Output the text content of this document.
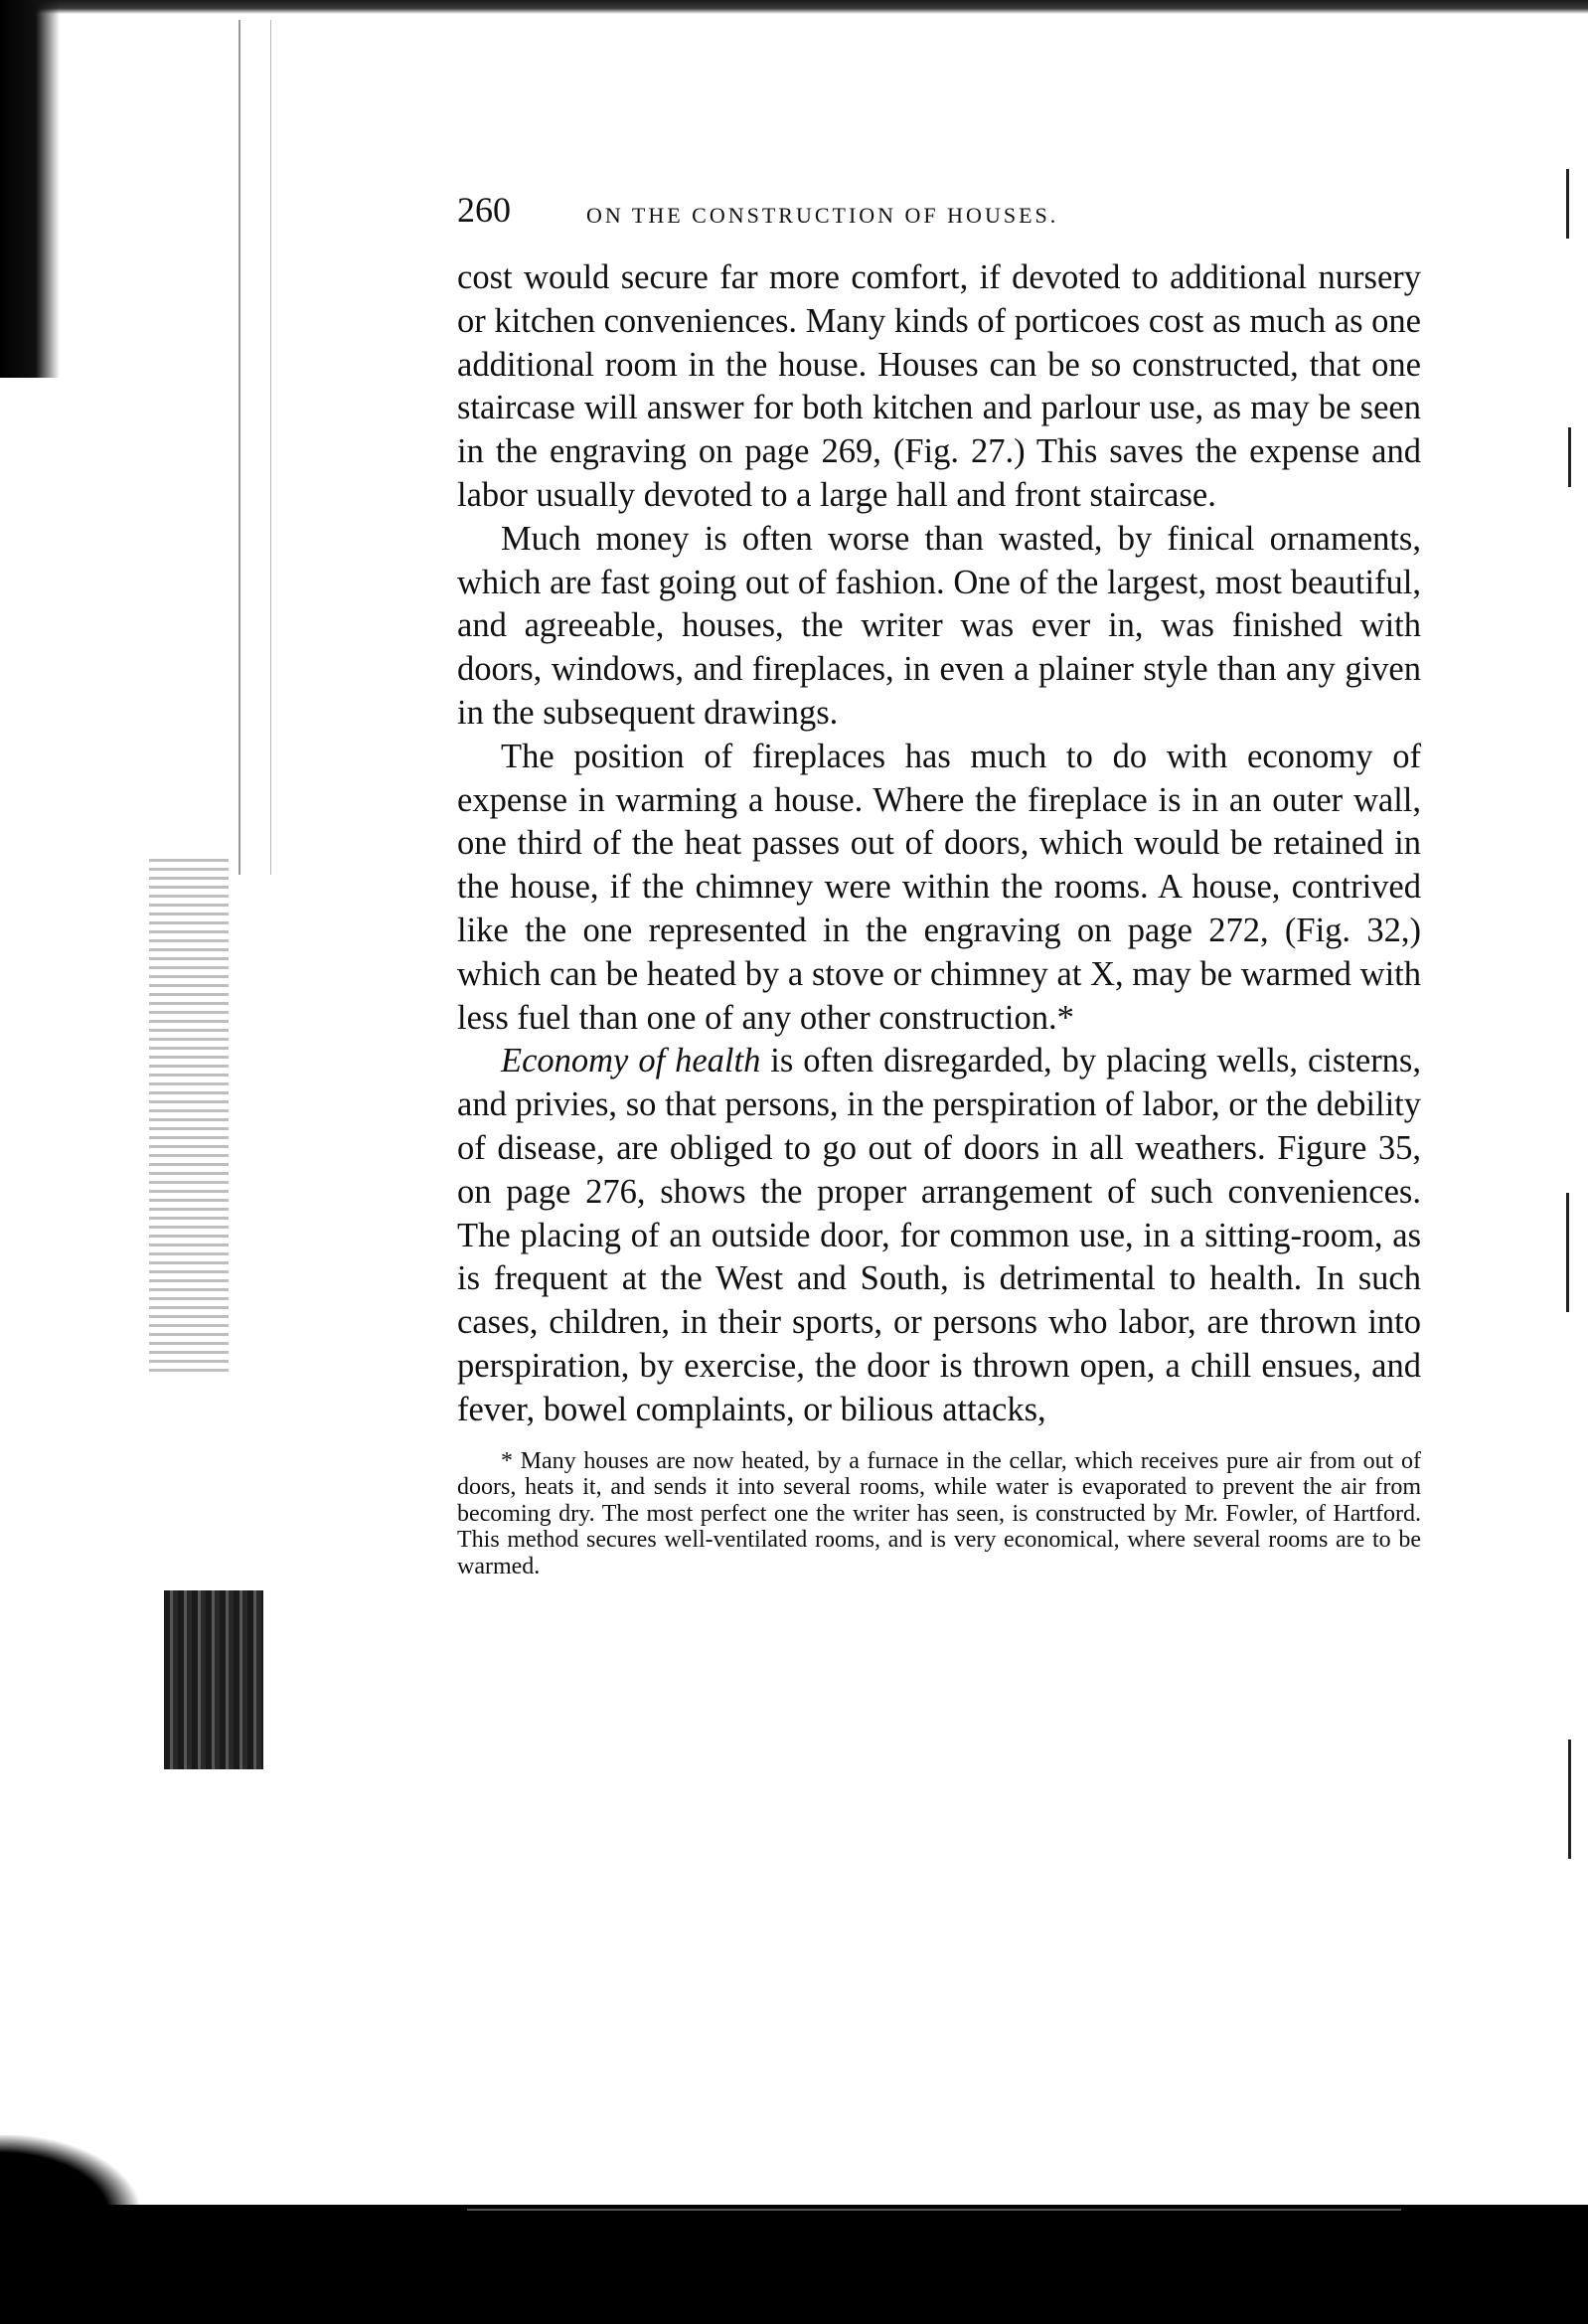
260	ON THE CONSTRUCTION OF HOUSES.

cost would secure far more comfort, if devoted to additional nursery or kitchen conveniences. Many kinds of porticoes cost as much as one additional room in the house. Houses can be so constructed, that one staircase will answer for both kitchen and parlour use, as may be seen in the engraving on page 269, (Fig. 27.) This saves the expense and labor usually devoted to a large hall and front staircase.

Much money is often worse than wasted, by finical ornaments, which are fast going out of fashion. One of the largest, most beautiful, and agreeable, houses, the writer was ever in, was finished with doors, windows, and fireplaces, in even a plainer style than any given in the subsequent drawings.

The position of fireplaces has much to do with economy of expense in warming a house. Where the fireplace is in an outer wall, one third of the heat passes out of doors, which would be retained in the house, if the chimney were within the rooms. A house, contrived like the one represented in the engraving on page 272, (Fig. 32,) which can be heated by a stove or chimney at X, may be warmed with less fuel than one of any other construction.*

Economy of health is often disregarded, by placing wells, cisterns, and privies, so that persons, in the perspiration of labor, or the debility of disease, are obliged to go out of doors in all weathers. Figure 35, on page 276, shows the proper arrangement of such conveniences. The placing of an outside door, for common use, in a sitting-room, as is frequent at the West and South, is detrimental to health. In such cases, children, in their sports, or persons who labor, are thrown into perspiration, by exercise, the door is thrown open, a chill ensues, and fever, bowel complaints, or bilious attacks,

* Many houses are now heated, by a furnace in the cellar, which receives pure air from out of doors, heats it, and sends it into several rooms, while water is evaporated to prevent the air from becoming dry. The most perfect one the writer has seen, is constructed by Mr. Fowler, of Hartford. This method secures well-ventilated rooms, and is very economical, where several rooms are to be warmed.
